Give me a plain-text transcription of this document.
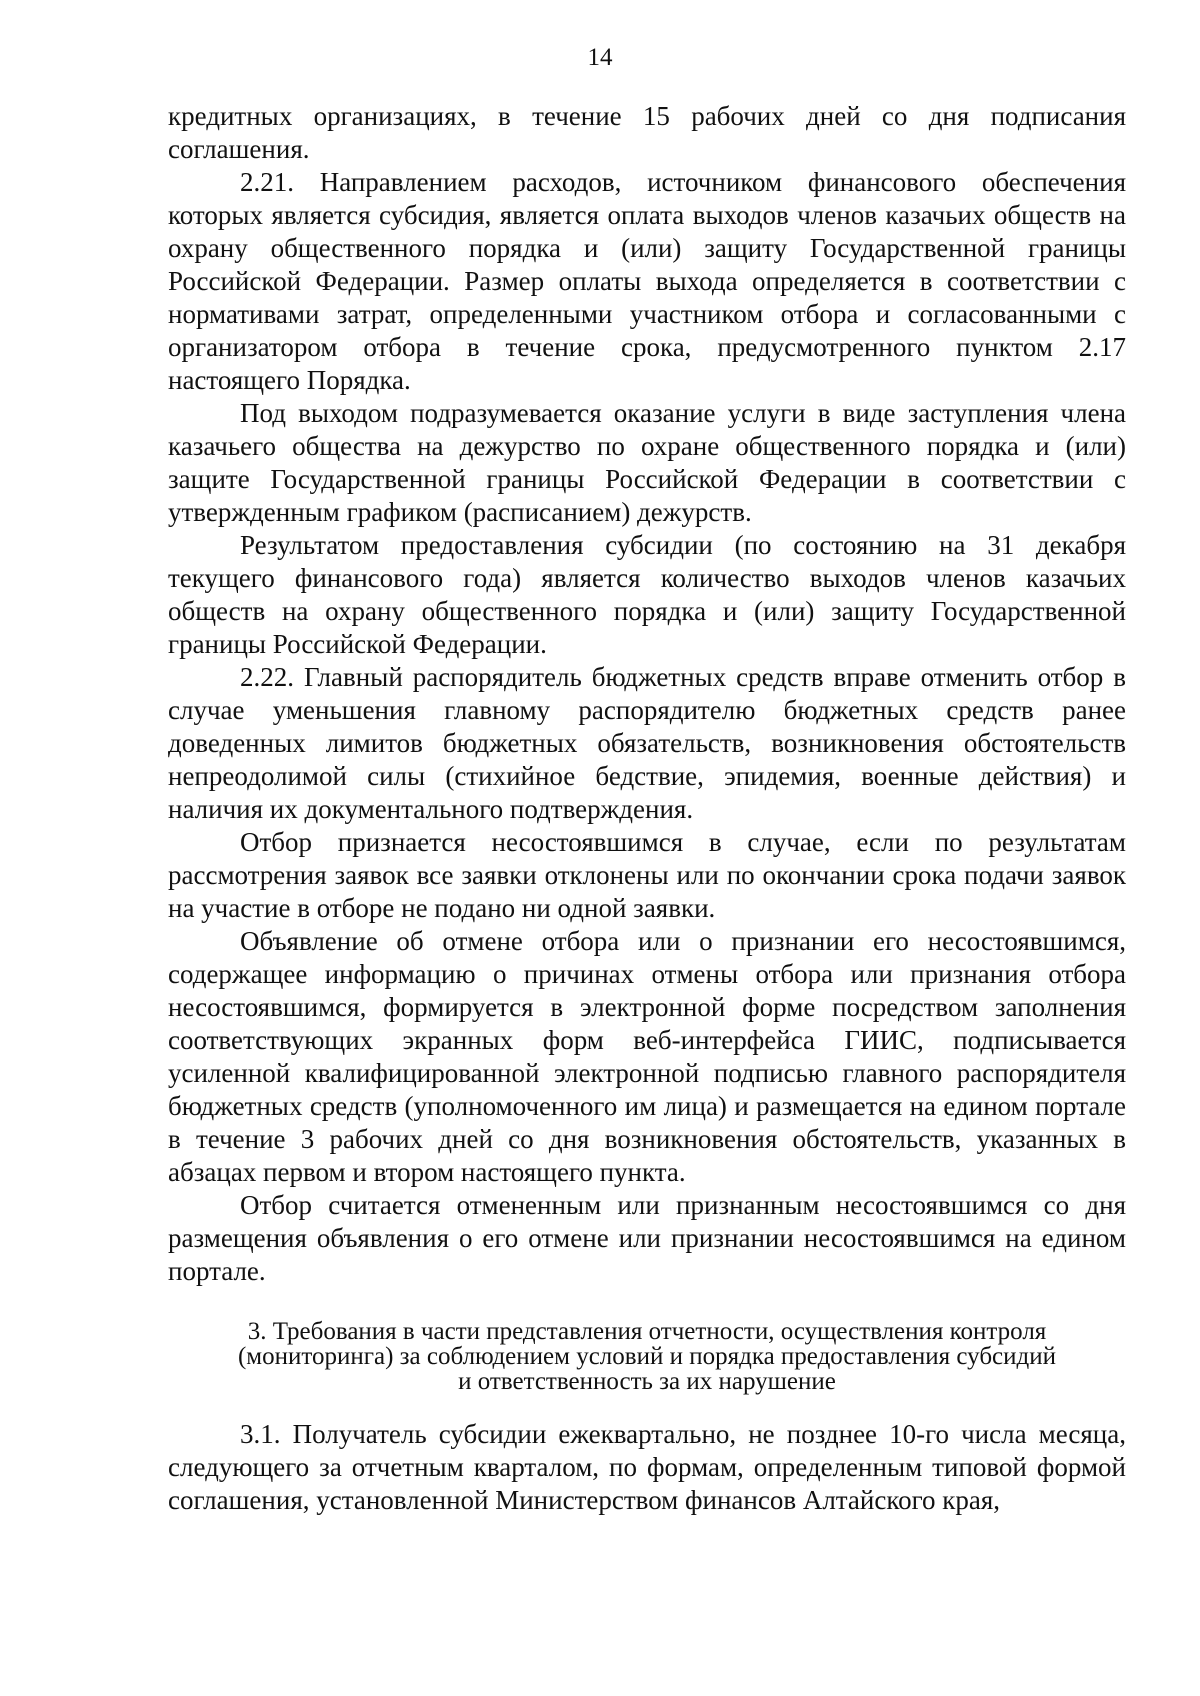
14

кредитных организациях, в течение 15 рабочих дней со дня подписания соглашения.

2.21. Направлением расходов, источником финансового обеспечения которых является субсидия, является оплата выходов членов казачьих обществ на охрану общественного порядка и (или) защиту Государственной границы Российской Федерации. Размер оплаты выхода определяется в соответствии с нормативами затрат, определенными участником отбора и согласованными с организатором отбора в течение срока, предусмотренного пунктом 2.17 настоящего Порядка.

Под выходом подразумевается оказание услуги в виде заступления члена казачьего общества на дежурство по охране общественного порядка и (или) защите Государственной границы Российской Федерации в соответствии с утвержденным графиком (расписанием) дежурств.

Результатом предоставления субсидии (по состоянию на 31 декабря текущего финансового года) является количество выходов членов казачьих обществ на охрану общественного порядка и (или) защиту Государственной границы Российской Федерации.

2.22. Главный распорядитель бюджетных средств вправе отменить отбор в случае уменьшения главному распорядителю бюджетных средств ранее доведенных лимитов бюджетных обязательств, возникновения обстоятельств непреодолимой силы (стихийное бедствие, эпидемия, военные действия) и наличия их документального подтверждения.

Отбор признается несостоявшимся в случае, если по результатам рассмотрения заявок все заявки отклонены или по окончании срока подачи заявок на участие в отборе не подано ни одной заявки.

Объявление об отмене отбора или о признании его несостоявшимся, содержащее информацию о причинах отмены отбора или признания отбора несостоявшимся, формируется в электронной форме посредством заполнения соответствующих экранных форм веб-интерфейса ГИИС, подписывается усиленной квалифицированной электронной подписью главного распорядителя бюджетных средств (уполномоченного им лица) и размещается на едином портале в течение 3 рабочих дней со дня возникновения обстоятельств, указанных в абзацах первом и втором настоящего пункта.

Отбор считается отмененным или признанным несостоявшимся со дня размещения объявления о его отмене или признании несостоявшимся на едином портале.

3. Требования в части представления отчетности, осуществления контроля
(мониторинга) за соблюдением условий и порядка предоставления субсидий
и ответственность за их нарушение

3.1. Получатель субсидии ежеквартально, не позднее 10-го числа месяца, следующего за отчетным кварталом, по формам, определенным типовой формой соглашения, установленной Министерством финансов Алтайского края,
